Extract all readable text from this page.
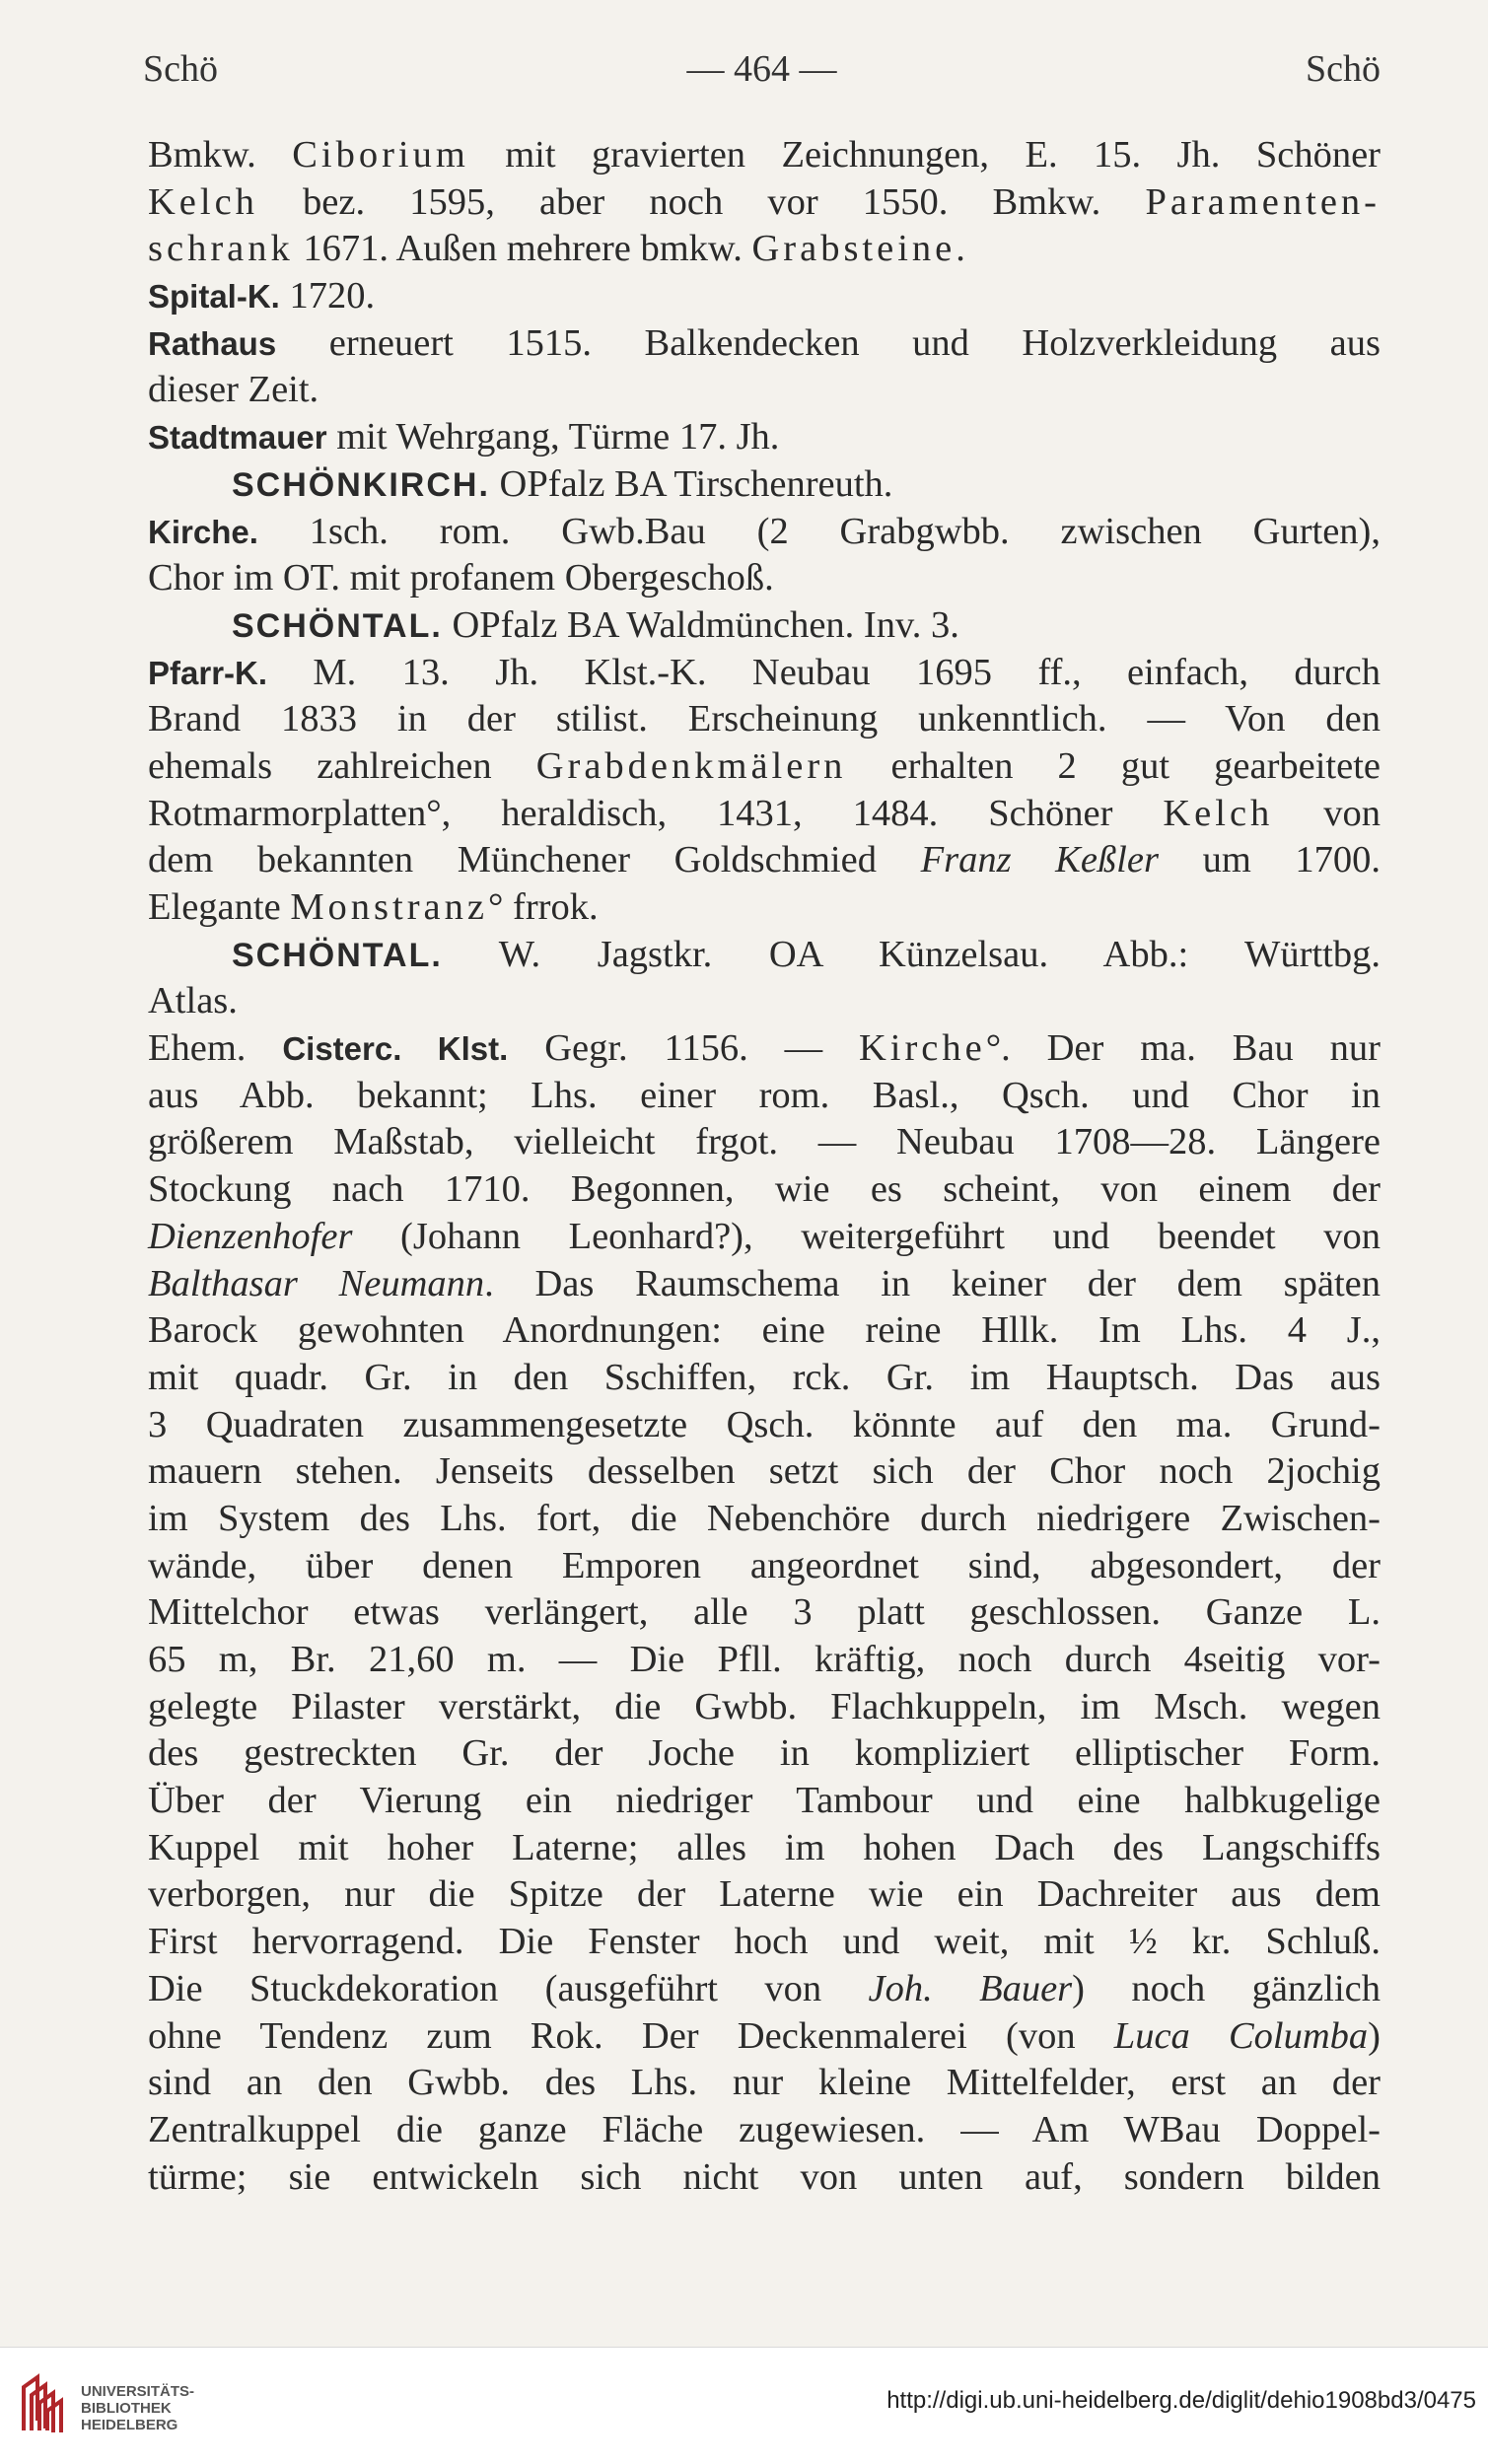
Schö	— 464 —	Schö
Bmkw. Ciborium mit gravierten Zeichnungen, E. 15. Jh. Schöner
Kelch bez. 1595, aber noch vor 1550. Bmkw. Paramenten-
schrank 1671. Außen mehrere bmkw. Grabsteine.
Spital-K. 1720.
Rathaus erneuert 1515. Balkendecken und Holzverkleidung aus
dieser Zeit.
Stadtmauer mit Wehrgang, Türme 17. Jh.
SCHÖNKIRCH. OPfalz BA Tirschenreuth.
Kirche. 1sch. rom. Gwb.Bau (2 Grabgwbb. zwischen Gurten),
Chor im OT. mit profanem Obergeschoß.
SCHÖNTAL. OPfalz BA Waldmünchen. Inv. 3.
Pfarr-K. M. 13. Jh. Klst.-K. Neubau 1695 ff., einfach, durch
Brand 1833 in der stilist. Erscheinung unkenntlich. — Von den
ehemals zahlreichen Grabdenkmälern erhalten 2 gut gearbeitete
Rotmarmorplatten°, heraldisch, 1431, 1484. Schöner Kelch von
dem bekannten Münchener Goldschmied Franz Keßler um 1700.
Elegante Monstranz° frrok.
SCHÖNTAL. W. Jagstkr. OA Künzelsau. Abb.: Württbg.
Atlas.
Ehem. Cisterc. Klst. Gegr. 1156. — Kirche°. Der ma. Bau nur
aus Abb. bekannt; Lhs. einer rom. Basl., Qsch. und Chor in
größerem Maßstab, vielleicht frgot. — Neubau 1708—28. Längere
Stockung nach 1710. Begonnen, wie es scheint, von einem der
Dienzenhofer (Johann Leonhard?), weitergeführt und beendet von
Balthasar Neumann. Das Raumschema in keiner der dem späten
Barock gewohnten Anordnungen: eine reine Hllk. Im Lhs. 4 J.,
mit quadr. Gr. in den Sschiffen, rck. Gr. im Hauptsch. Das aus
3 Quadraten zusammengesetzte Qsch. könnte auf den ma. Grund-
mauern stehen. Jenseits desselben setzt sich der Chor noch 2jochig
im System des Lhs. fort, die Nebenchöre durch niedrigere Zwischen-
wände, über denen Emporen angeordnet sind, abgesondert, der
Mittelchor etwas verlängert, alle 3 platt geschlossen. Ganze L.
65 m, Br. 21,60 m. — Die Pfll. kräftig, noch durch 4seitig vor-
gelegte Pilaster verstärkt, die Gwbb. Flachkuppeln, im Msch. wegen
des gestreckten Gr. der Joche in kompliziert elliptischer Form.
Über der Vierung ein niedriger Tambour und eine halbkugelige
Kuppel mit hoher Laterne; alles im hohen Dach des Langschiffs
verborgen, nur die Spitze der Laterne wie ein Dachreiter aus dem
First hervorragend. Die Fenster hoch und weit, mit ½ kr. Schluß.
Die Stuckdekoration (ausgeführt von Joh. Bauer) noch gänzlich
ohne Tendenz zum Rok. Der Deckenmalerei (von Luca Columba)
sind an den Gwbb. des Lhs. nur kleine Mittelfelder, erst an der
Zentralkuppel die ganze Fläche zugewiesen. — Am WBau Doppel-
türme; sie entwickeln sich nicht von unten auf, sondern bilden
UNIVERSITÄTS-
BIBLIOTHEK
HEIDELBERG
http://digi.ub.uni-heidelberg.de/diglit/dehio1908bd3/0475
